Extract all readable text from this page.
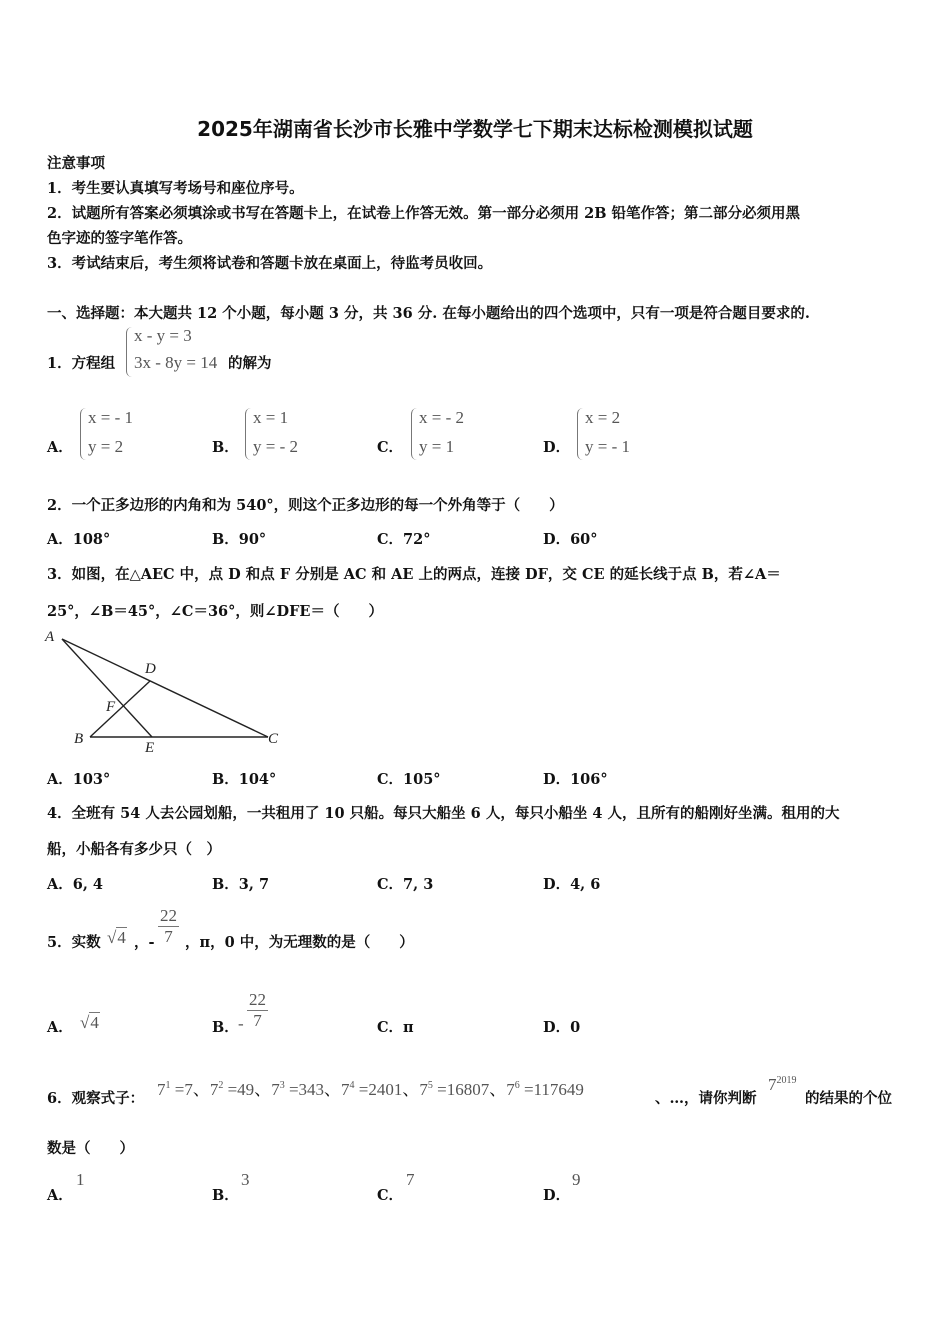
2025年湖南省长沙市长雅中学数学七下期末达标检测模拟试题
注意事项
1．考生要认真填写考场号和座位序号。
2．试题所有答案必须填涂或书写在答题卡上，在试卷上作答无效。第一部分必须用 2B 铅笔作答；第二部分必须用黑
色字迹的签字笔作答。
3．考试结束后，考生须将试卷和答题卡放在桌面上，待监考员收回。
一、选择题：本大题共 12 个小题，每小题 3 分，共 36 分. 在每小题给出的四个选项中，只有一项是符合题目要求的.
1．方程组
x - y = 3
3x - 8y = 14 的解为
A．
x = - 1
y = 2	B．
x = 1
y = - 2	C．
x = - 2
y = 1	D．
x = 2
y = - 1
2．一个正多边形的内角和为 540°，则这个正多边形的每一个外角等于（　　）
A．108°	B．90°	C．72°	D．60°
3．如图，在△AEC 中，点 D 和点 F 分别是 AC 和 AE 上的两点，连接 DF，交 CE 的延长线于点 B，若∠A＝
25°，∠B＝45°，∠C＝36°，则∠DFE＝（　　）
A
D
F
B
E
C
A．103°	B．104°	C．105°	D．106°
4．全班有 54 人去公园划船，一共租用了 10 只船。每只大船坐 6 人，每只小船坐 4 人，且所有的船刚好坐满。租用的大
船，小船各有多少只（　）
A．6, 4	B．3, 7	C．7, 3	D．4, 6
5．实数 √4 ，- $\frac{22}{7}$ ，π，0 中，为无理数的是（　　）
A． √4	B． - $\frac{22}{7}$	C．π	D．0
6．观察式子： $7^1 =7$、$7^2 =49$、$7^3 =343$、$7^4 =2401$、$7^5 =16807$、$7^6 =117649$	、…，请你判断
$7^{2019}$
的结果的个位
数是（　　）
A．
1
B．
3
C．
7
D．
9
